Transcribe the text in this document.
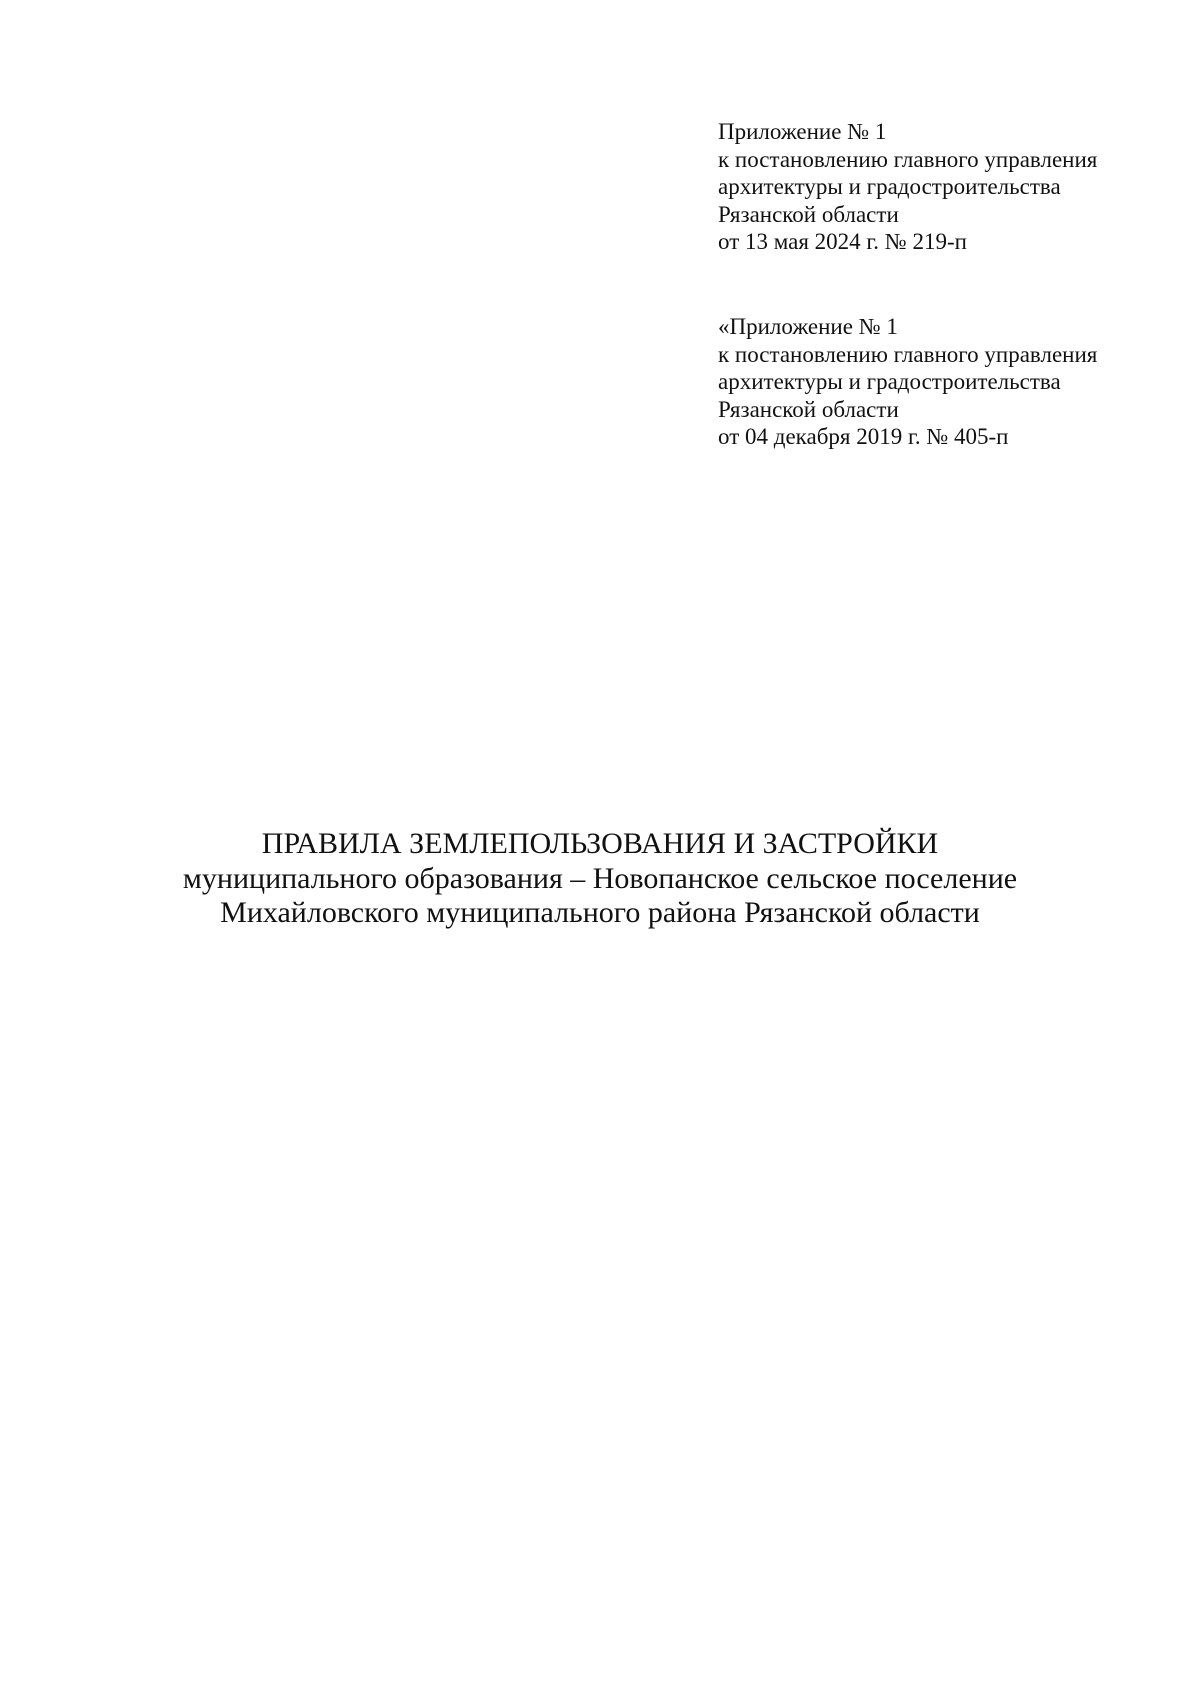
Приложение № 1
к постановлению главного управления
архитектуры и градостроительства
Рязанской области
от 13 мая 2024 г. № 219-п
«Приложение № 1
к постановлению главного управления
архитектуры и градостроительства
Рязанской области
от 04 декабря 2019 г. № 405-п
ПРАВИЛА ЗЕМЛЕПОЛЬЗОВАНИЯ И ЗАСТРОЙКИ
муниципального образования – Новопанское сельское поселение
Михайловского муниципального района Рязанской области
